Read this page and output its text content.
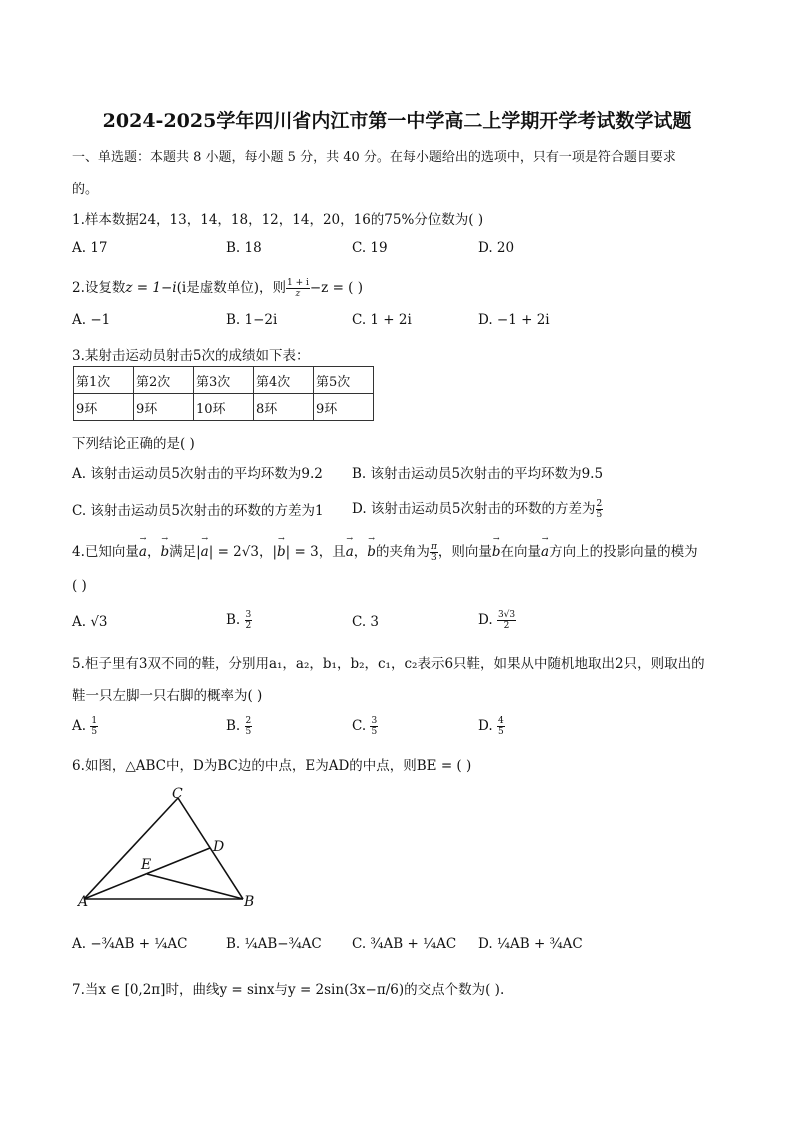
2024-2025学年四川省内江市第一中学高二上学期开学考试数学试题
一、单选题：本题共 8 小题，每小题 5 分，共 40 分。在每小题给出的选项中，只有一项是符合题目要求
的。
1.样本数据24，13，14，18，12，14，20，16的75%分位数为( )
A. 17	B. 18	C. 19	D. 20
2.设复数z = 1−i(i是虚数单位)，则 $\frac{1 + i}{z} -z$ = ( )
A. −1	B. 1−2i	C. 1 + 2i	D. −1 + 2i
3.某射击运动员射击5次的成绩如下表：
第1次	第2次	第3次	第4次	第5次
9环	9环	10环	8环	9环
下列结论正确的是( )
A. 该射击运动员5次射击的平均环数为9.2 B. 该射击运动员5次射击的平均环数为9.5
C. 该射击运动员5次射击的环数的方差为1 D. 该射击运动员5次射击的环数的方差为 $\frac{2}{5}$
4.已知向量→ a，→ b满足|→ a| = 2√3，|→ b| = 3，且→ a，→ b的夹角为 $\frac{\pi}{3}$ ，则向量→ b在向量→ a方向上的投影向量的模为
( )
A. √3	B. $\frac{3}{2}$	C. 3	D. $\frac{3√3}{2}$
5.柜子里有3双不同的鞋，分别用a₁，a₂，b₁，b₂，c₁，c₂表示6只鞋，如果从中随机地取出2只，则取出的
鞋一只左脚一只右脚的概率为( )
A. $\frac{1}{5}$	B. $\frac{2}{5}$	C. $\frac{3}{5}$	D. $\frac{4}{5}$
6.如图，△ABC中，D为BC边的中点，E为AD的中点，则BE = ( )
C
D
E
A	B
A. −¾AB + ¼AC	B. ¼AB−¾AC C. ¾AB + ¼AC D. ¼AB + ¾AC
7.当x ∈ [0,2π]时，曲线y = sinx与y = 2sin(3x−π/6)的交点个数为( ).
